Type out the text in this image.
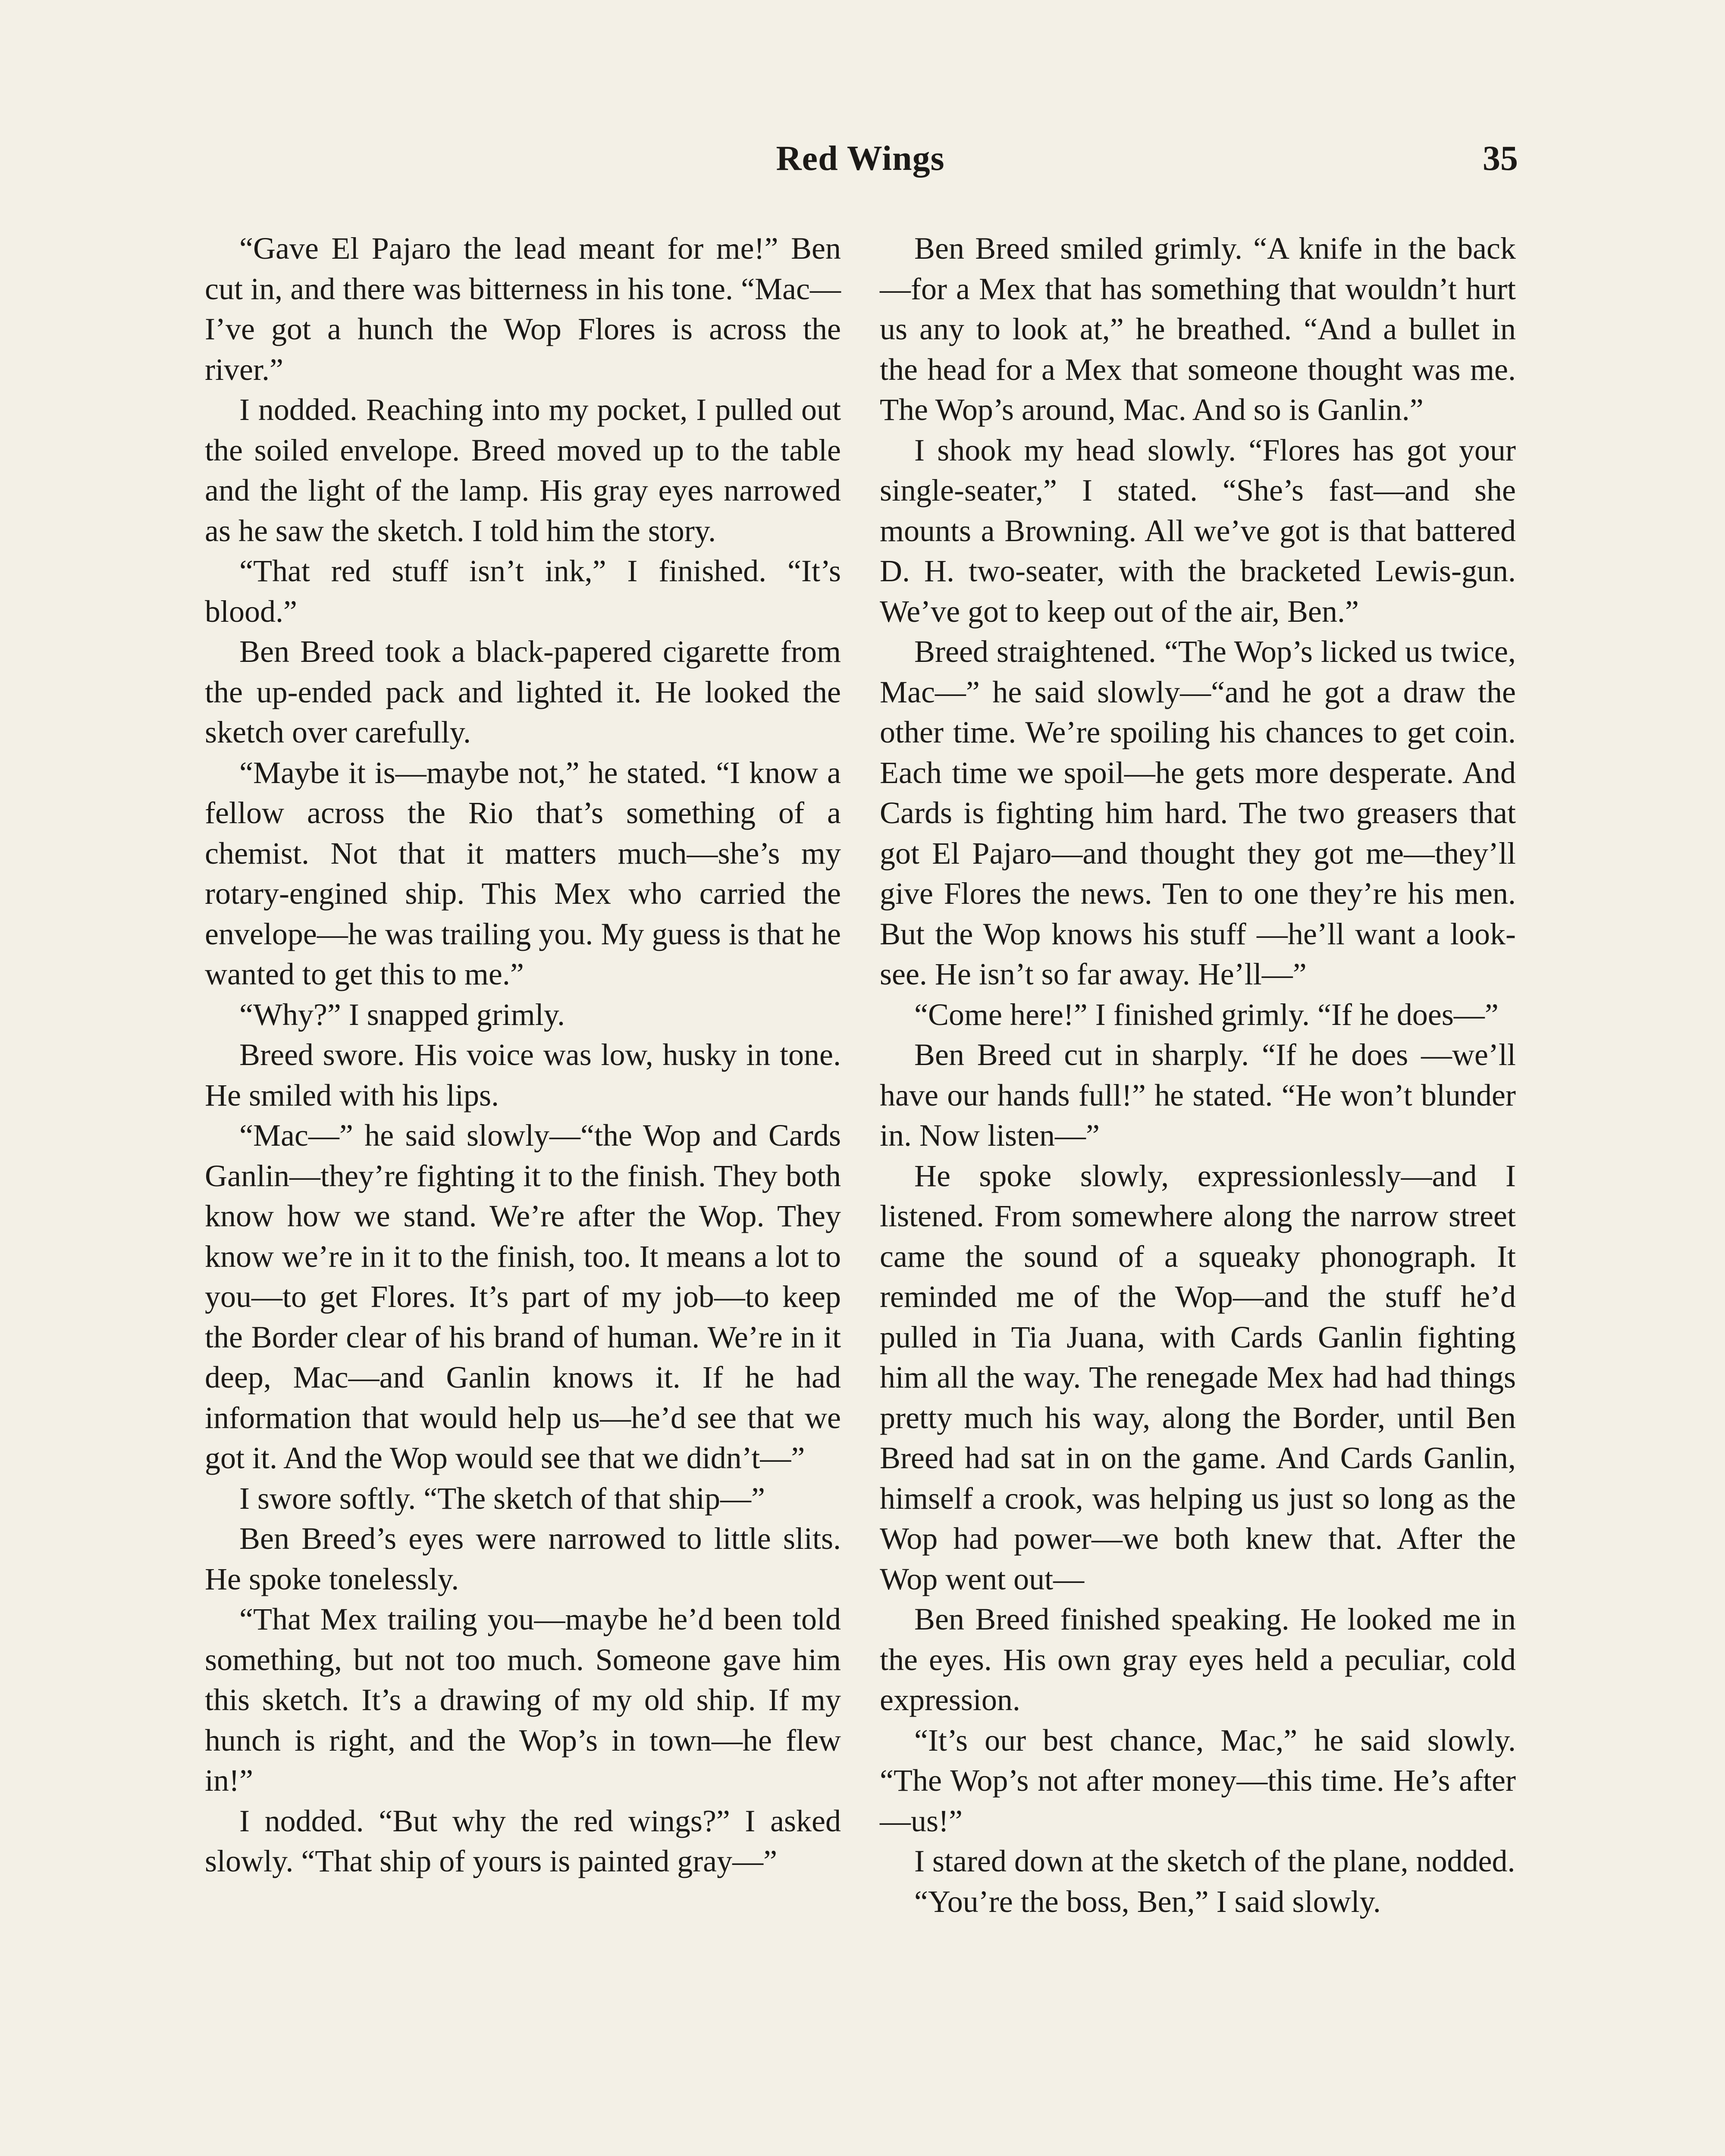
Red Wings	35

“Gave El Pajaro the lead meant for me!” Ben cut in, and there was bitterness in his tone. “Mac—I’ve got a hunch the Wop Flores is across the river.”

I nodded. Reaching into my pocket, I pulled out the soiled envelope. Breed moved up to the table and the light of the lamp. His gray eyes narrowed as he saw the sketch. I told him the story.

“That red stuff isn’t ink,” I finished. “It’s blood.”

Ben Breed took a black-papered cigarette from the up-ended pack and lighted it. He looked the sketch over carefully.

“Maybe it is—maybe not,” he stated. “I know a fellow across the Rio that’s something of a chemist. Not that it matters much—she’s my rotary-engined ship. This Mex who carried the envelope—he was trailing you. My guess is that he wanted to get this to me.”

“Why?” I snapped grimly.

Breed swore. His voice was low, husky in tone. He smiled with his lips.

“Mac—” he said slowly—“the Wop and Cards Ganlin—they’re fighting it to the finish. They both know how we stand. We’re after the Wop. They know we’re in it to the finish, too. It means a lot to you—to get Flores. It’s part of my job—to keep the Border clear of his brand of human. We’re in it deep, Mac—and Ganlin knows it. If he had information that would help us—he’d see that we got it. And the Wop would see that we didn’t—”

I swore softly. “The sketch of that ship—”

Ben Breed’s eyes were narrowed to little slits. He spoke tonelessly.

“That Mex trailing you—maybe he’d been told something, but not too much. Someone gave him this sketch. It’s a drawing of my old ship. If my hunch is right, and the Wop’s in town—he flew in!”

I nodded. “But why the red wings?” I asked slowly. “That ship of yours is painted gray—”

Ben Breed smiled grimly. “A knife in the back—for a Mex that has something that wouldn’t hurt us any to look at,” he breathed. “And a bullet in the head for a Mex that someone thought was me. The Wop’s around, Mac. And so is Ganlin.”

I shook my head slowly. “Flores has got your single-seater,” I stated. “She’s fast—and she mounts a Browning. All we’ve got is that battered D. H. two-seater, with the bracketed Lewis-gun. We’ve got to keep out of the air, Ben.”

Breed straightened. “The Wop’s licked us twice, Mac—” he said slowly—“and he got a draw the other time. We’re spoiling his chances to get coin. Each time we spoil—he gets more desperate. And Cards is fighting him hard. The two greasers that got El Pajaro—and thought they got me—they’ll give Flores the news. Ten to one they’re his men. But the Wop knows his stuff —he’ll want a look-see. He isn’t so far away. He’ll—”

“Come here!” I finished grimly. “If he does—”

Ben Breed cut in sharply. “If he does —we’ll have our hands full!” he stated. “He won’t blunder in. Now listen—”

He spoke slowly, expressionlessly—and I listened. From somewhere along the narrow street came the sound of a squeaky phonograph. It reminded me of the Wop—and the stuff he’d pulled in Tia Juana, with Cards Ganlin fighting him all the way. The renegade Mex had had things pretty much his way, along the Border, until Ben Breed had sat in on the game. And Cards Ganlin, himself a crook, was helping us just so long as the Wop had power—we both knew that. After the Wop went out—

Ben Breed finished speaking. He looked me in the eyes. His own gray eyes held a peculiar, cold expression.

“It’s our best chance, Mac,” he said slowly. “The Wop’s not after money—this time. He’s after—us!”

I stared down at the sketch of the plane, nodded.

“You’re the boss, Ben,” I said slowly.
